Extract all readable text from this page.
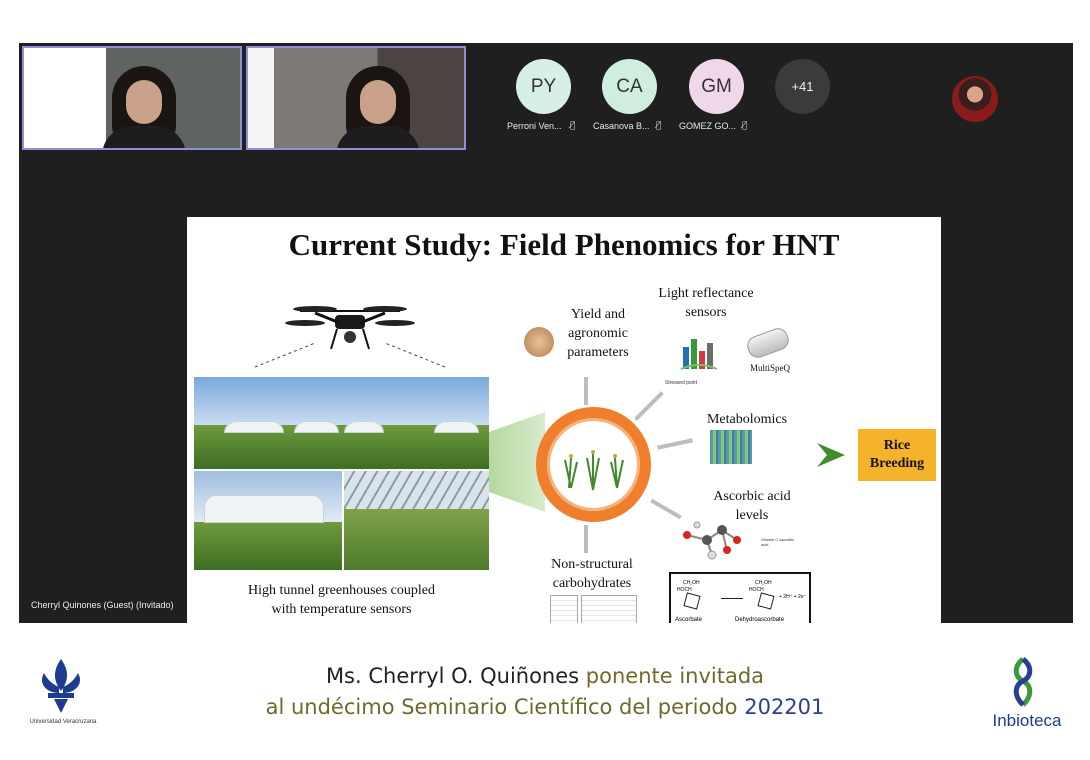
PY
Perroni Ven... 🎙̸
CA
Casanova B... 🎙̸
GM
GOMEZ GO... 🎙̸
+41
Current Study: Field Phenomics for HNT
High tunnel greenhouses coupled
with temperature sensors
Yield and
agronomic
parameters
Light reflectance
sensors
Stressed point
MultiSpeQ
Metabolomics
Rice
Breeding
Ascorbic acid
levels
Vitamin C ascorbic acid
CH₂OH
HOCH
CH₂OH
HOCH
+ 2H⁺ + 2e⁻
Ascorbate	Dehydroascorbate
Non-structural
carbohydrates
Cherryl Quinones (Guest) (Invitado)
Universidad Veracruzana
Ms. Cherryl O. Quiñones ponente invitada
al undécimo Seminario Científico del periodo 202201
Inbioteca
